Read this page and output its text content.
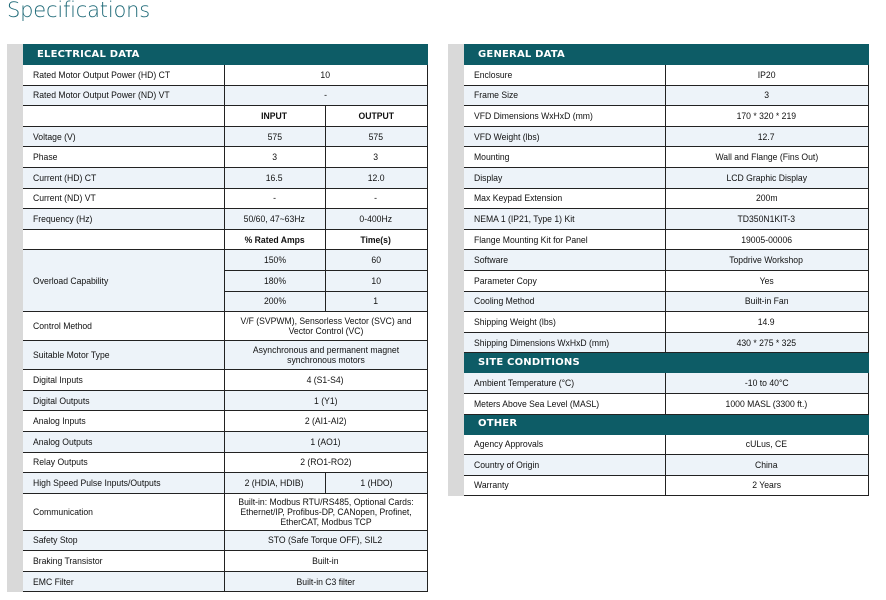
Specifications
ELECTRICAL DATA		
Rated Motor Output Power (HD) CT	10	
Rated Motor Output Power (ND) VT	-	
	INPUT	OUTPUT
Voltage (V)	575	575
Phase	3	3
Current (HD) CT	16.5	12.0
Current (ND) VT	-	-
Frequency (Hz)	50/60, 47~63Hz	0-400Hz
	% Rated Amps	Time(s)
Overload Capability	150%	60
	180%	10
	200%	1
Control Method	V/F (SVPWM), Sensorless Vector (SVC) and Vector Control (VC)	
Suitable Motor Type	Asynchronous and permanent magnet synchronous motors	
Digital Inputs	4 (S1-S4)	
Digital Outputs	1 (Y1)	
Analog Inputs	2 (AI1-AI2)	
Analog Outputs	1 (AO1)	
Relay Outputs	2 (RO1-RO2)	
High Speed Pulse Inputs/Outputs	2 (HDIA, HDIB)	1 (HDO)
Communication	Built-in: Modbus RTU/RS485, Optional Cards: Ethernet/IP, Profibus-DP, CANopen, Profinet, EtherCAT, Modbus TCP	
Safety Stop	STO (Safe Torque OFF), SIL2	
Braking Transistor	Built-in	
EMC Filter	Built-in C3 filter	
GENERAL DATA	
Enclosure	IP20
Frame Size	3
VFD Dimensions WxHxD (mm)	170 * 320 * 219
VFD Weight (lbs)	12.7
Mounting	Wall and Flange (Fins Out)
Display	LCD Graphic Display
Max Keypad Extension	200m
NEMA 1 (IP21, Type 1) Kit	TD350N1KIT-3
Flange Mounting Kit for Panel	19005-00006
Software	Topdrive Workshop
Parameter Copy	Yes
Cooling Method	Built-in Fan
Shipping Weight (lbs)	14.9
Shipping Dimensions WxHxD (mm)	430 * 275 * 325
SITE CONDITIONS	
Ambient Temperature (°C)	-10 to 40°C
Meters Above Sea Level (MASL)	1000 MASL (3300 ft.)
OTHER	
Agency Approvals	cULus, CE
Country of Origin	China
Warranty	2 Years
